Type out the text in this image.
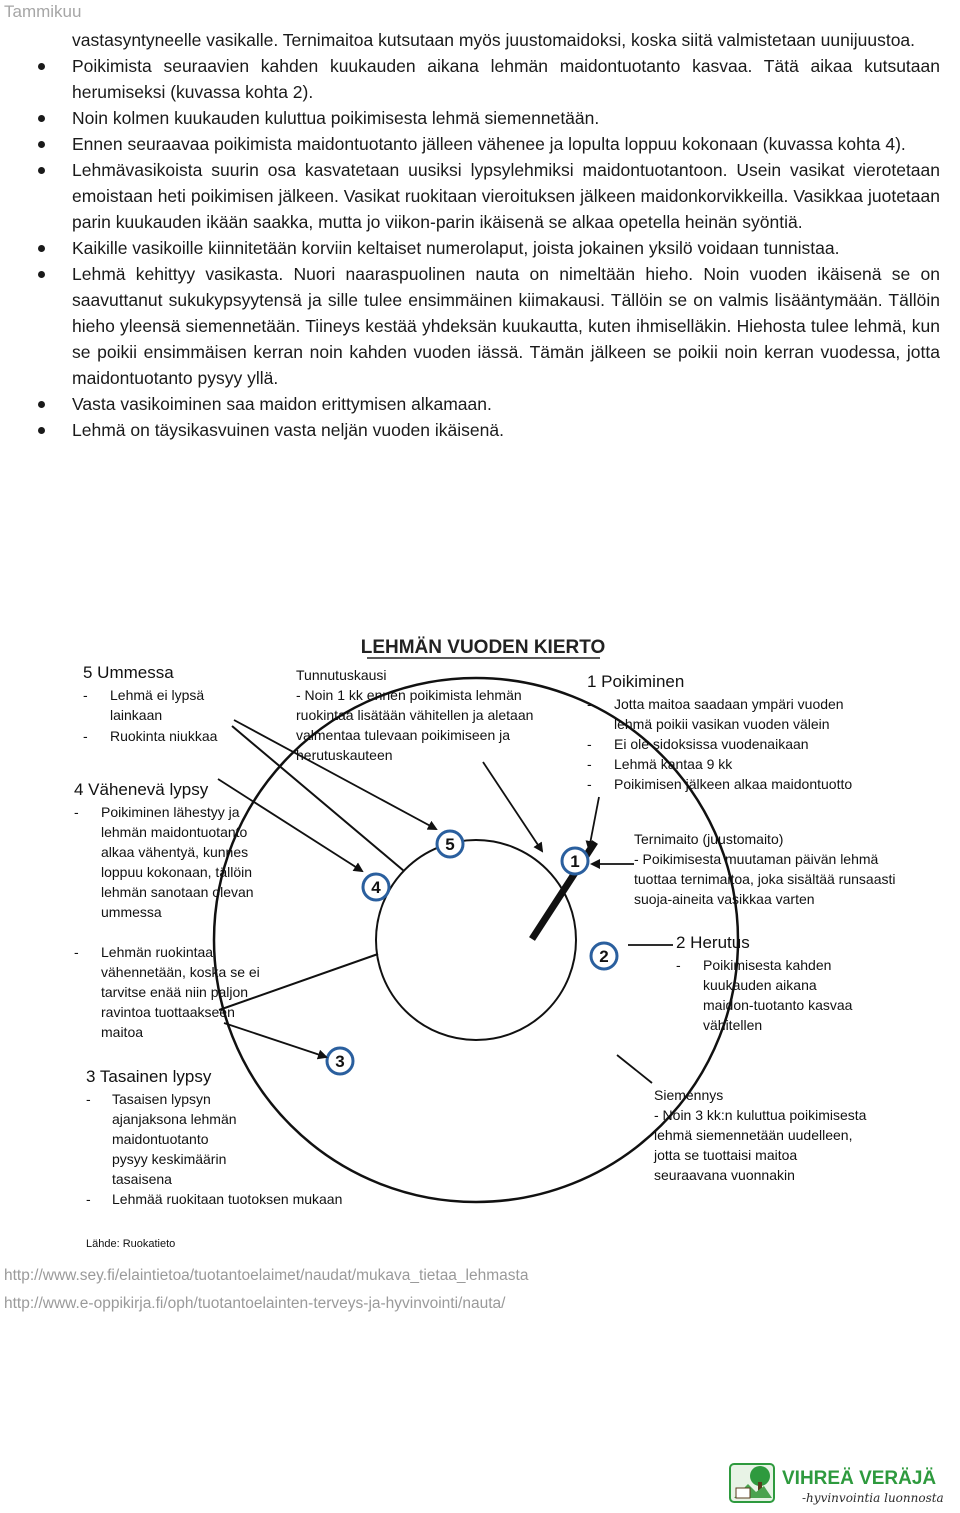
Tammikuu

vastasyntyneelle vasikalle. Ternimaitoa kutsutaan myös juustomaidoksi, koska siitä valmistetaan uunijuustoa.

Poikimista seuraavien kahden kuukauden aikana lehmän maidontuotanto kasvaa. Tätä aikaa kutsutaan herumiseksi (kuvassa kohta 2).

Noin kolmen kuukauden kuluttua poikimisesta lehmä siemennetään.

Ennen seuraavaa poikimista maidontuotanto jälleen vähenee ja lopulta loppuu kokonaan (kuvassa kohta 4).

Lehmävasikoista suurin osa kasvatetaan uusiksi lypsylehmiksi maidontuotantoon. Usein vasikat vierotetaan emoistaan heti poikimisen jälkeen. Vasikat ruokitaan vieroituksen jälkeen maidonkorvikkeilla. Vasikkaa juotetaan parin kuukauden ikään saakka, mutta jo viikon-parin ikäisenä se alkaa opetella heinän syöntiä.

Kaikille vasikoille kiinnitetään korviin keltaiset numerolaput, joista jokainen yksilö voidaan tunnistaa.

Lehmä kehittyy vasikasta. Nuori naaraspuolinen nauta on nimeltään hieho. Noin vuoden ikäisenä se on saavuttanut sukukypsyytensä ja sille tulee ensimmäinen kiimakausi. Tällöin se on valmis lisääntymään. Tällöin hieho yleensä siemennetään. Tiineys kestää yhdeksän kuukautta, kuten ihmiselläkin. Hiehosta tulee lehmä, kun se poikii ensimmäisen kerran noin kahden vuoden iässä. Tämän jälkeen se poikii noin kerran vuodessa, jotta maidontuotanto pysyy yllä.

Vasta vasikoiminen saa maidon erittymisen alkamaan.

Lehmä on täysikasvuinen vasta neljän vuoden ikäisenä.

LEHMÄN VUODEN KIERTO
1
2
3
4
5
5 Ummessa
- Lehmä ei lypsä lainkaan - Ruokinta niukkaa
4 Vähenevä lypsy
- Poikiminen lähestyy ja lehmän maidontuotanto alkaa vähentyä, kunnes loppuu kokonaan, tällöin lehmän sanotaan olevan ummessa - Lehmän ruokintaa vähennetään, koska se ei tarvitse enää niin paljon ravintoa tuottaakseen maitoa
3 Tasainen lypsy
- Tasaisen lypsyn ajanjaksona lehmän maidontuotanto pysyy keskimäärin tasaisena - Lehmää ruokitaan tuotoksen mukaan
Lähde: Ruokatieto
Tunnutuskausi
- Noin 1 kk ennen poikimista lehmän ruokintaa lisätään vähitellen ja aletaan valmentaa tulevaan poikimiseen ja herutuskauteen
1 Poikiminen
- Jotta maitoa saadaan ympäri vuoden lehmä poikii vasikan vuoden välein - Ei ole sidoksissa vuodenaikaan - Lehmä kantaa 9 kk - Poikimisen jälkeen alkaa maidontuotto
Ternimaito (juustomaito)
- Poikimisesta muutaman päivän lehmä tuottaa ternimaitoa, joka sisältää runsaasti suoja-aineita vasikkaa varten
2 Herutus
- Poikimisesta kahden kuukauden aikana maidon-tuotanto kasvaa vähitellen
Siemennys
- Noin 3 kk:n kuluttua poikimisesta lehmä siemennetään uudelleen, jotta se tuottaisi maitoa seuraavana vuonnakin
http://www.sey.fi/elaintietoa/tuotantoelaimet/naudat/mukava_tietaa_lehmasta
http://www.e-oppikirja.fi/oph/tuotantoelainten-terveys-ja-hyvinvointi/nauta/
VIHREÄ VERÄJÄ
-hyvinvointia luonnosta
